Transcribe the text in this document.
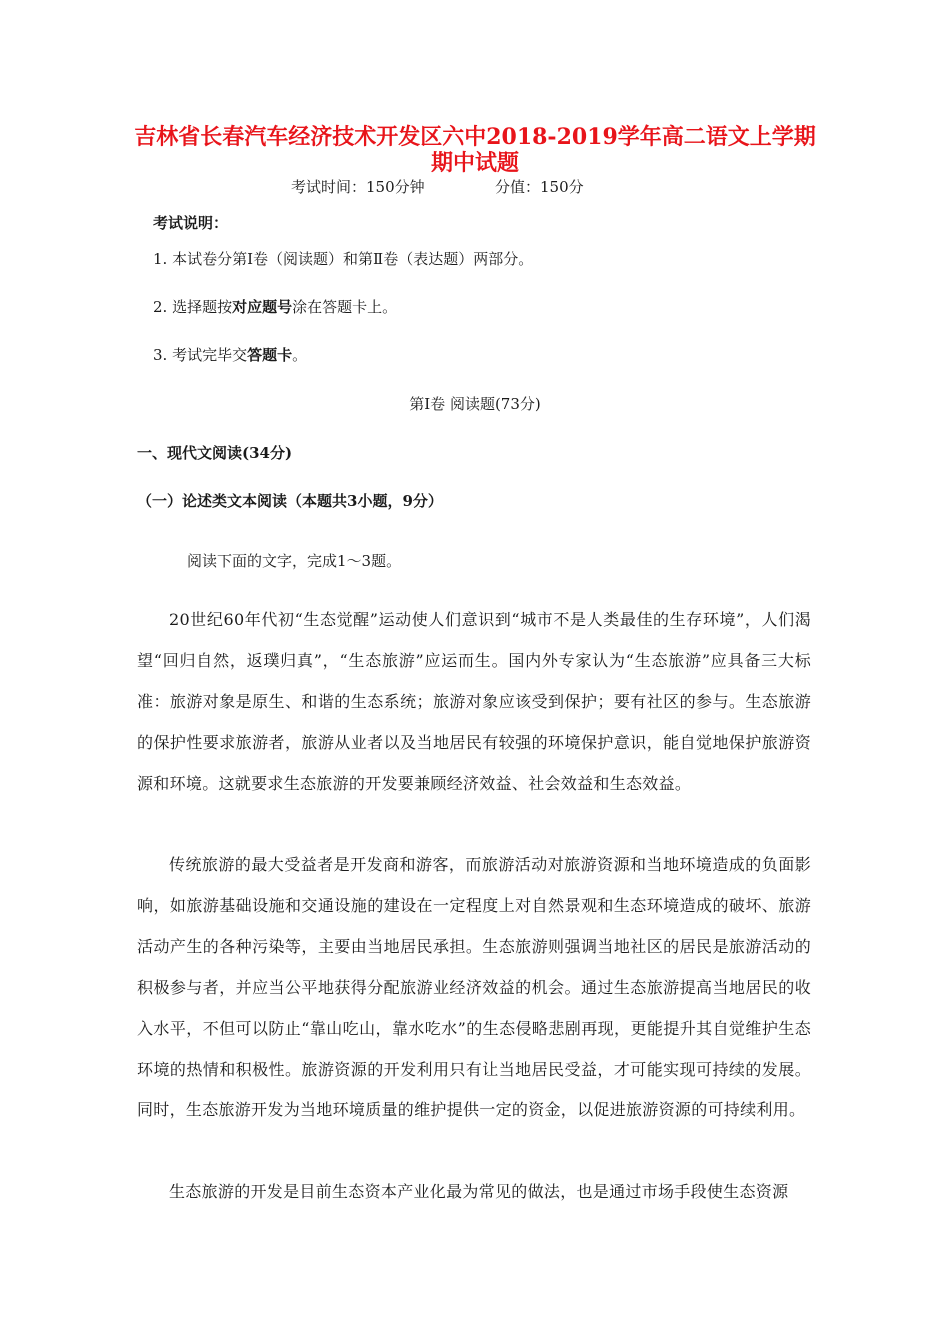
吉林省长春汽车经济技术开发区六中2018-2019学年高二语文上学期
期中试题
考试时间：150分钟	分值：150分
考试说明：
1. 本试卷分第Ⅰ卷（阅读题）和第Ⅱ卷（表达题）两部分。
2. 选择题按对应题号涂在答题卡上。
3. 考试完毕交答题卡。
第Ⅰ卷 阅读题(73分)
一、现代文阅读(34分)
（一）论述类文本阅读（本题共3小题，9分）
阅读下面的文字，完成1～3题。

20世纪60年代初“生态觉醒”运动使人们意识到“城市不是人类最佳的生存环境”，人们渴望“回归自然，返璞归真”，“生态旅游”应运而生。国内外专家认为“生态旅游”应具备三大标准：旅游对象是原生、和谐的生态系统；旅游对象应该受到保护；要有社区的参与。生态旅游的保护性要求旅游者，旅游从业者以及当地居民有较强的环境保护意识，能自觉地保护旅游资源和环境。这就要求生态旅游的开发要兼顾经济效益、社会效益和生态效益。

传统旅游的最大受益者是开发商和游客，而旅游活动对旅游资源和当地环境造成的负面影响，如旅游基础设施和交通设施的建设在一定程度上对自然景观和生态环境造成的破坏、旅游活动产生的各种污染等，主要由当地居民承担。生态旅游则强调当地社区的居民是旅游活动的积极参与者，并应当公平地获得分配旅游业经济效益的机会。通过生态旅游提高当地居民的收入水平，不但可以防止“靠山吃山，靠水吃水”的生态侵略悲剧再现，更能提升其自觉维护生态环境的热情和积极性。旅游资源的开发利用只有让当地居民受益，才可能实现可持续的发展。同时，生态旅游开发为当地环境质量的维护提供一定的资金，以促进旅游资源的可持续利用。

生态旅游的开发是目前生态资本产业化最为常见的做法，也是通过市场手段使生态资源
